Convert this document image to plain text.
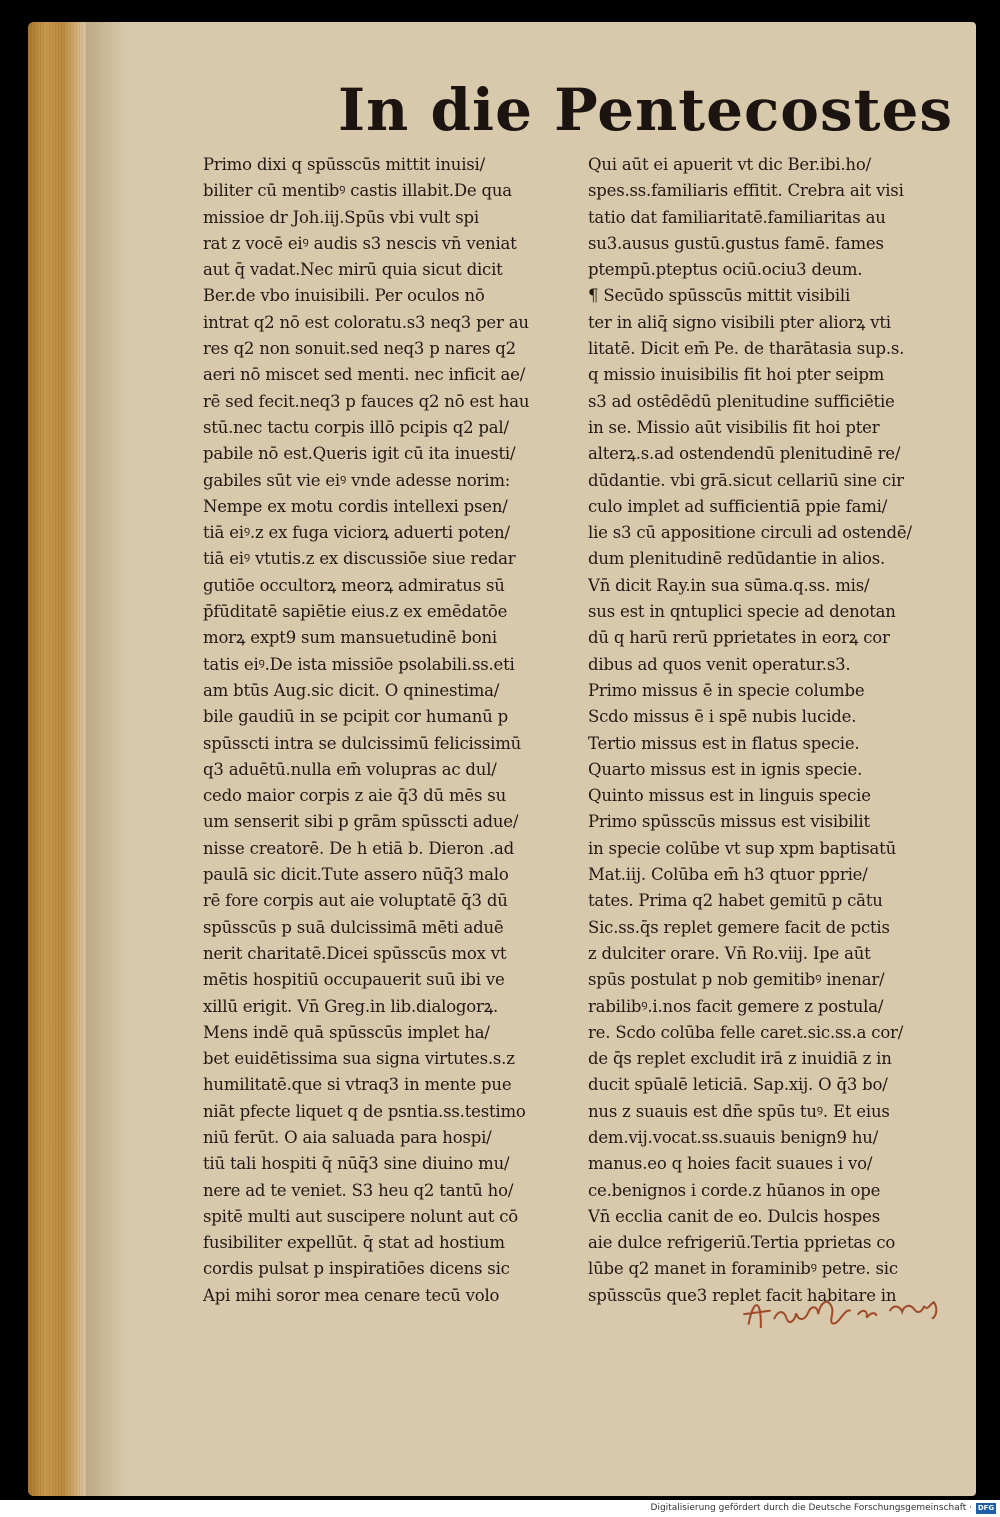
In die Pentecostes
Primo dixi q spūsscūs mittit inuisi/
biliter cū mentibꝰ castis illabit.De qua
missioe dr Joh.iij.Spūs vbi vult spi
rat z vocē eiꝰ audis s3 nescis vn̄ veniat
aut q̄ vadat.Nec mirū quia sicut dicit
Ber.de vbo inuisibili. Per oculos nō
intrat q2 nō est coloratu.s3 neq3 per au
res q2 non sonuit.sed neq3 p nares q2
aeri nō miscet sed menti. nec inficit ae/
rē sed fecit.neq3 p fauces q2 nō est hau
stū.nec tactu corpis illō pcipis q2 pal/
pabile nō est.Queris igit cū ita inuesti/
gabiles sūt vie eiꝰ vnde adesse norim:
Nempe ex motu cordis intellexi psen/
tiā eiꝰ.z ex fuga viciorꝝ aduerti poten/
tiā eiꝰ vtutis.z ex discussiōe siue redar
gutiōe occultorꝝ meorꝝ admiratus sū
p̄fūditatē sapiētie eius.z ex emēdatōe
morꝝ expt9 sum mansuetudinē boni
tatis eiꝰ.De ista missiōe psolabili.ss.eti
am btūs Aug.sic dicit. O qninestima/
bile gaudiū in se pcipit cor humanū p
spūsscti intra se dulcissimū felicissimū
q3 aduētū.nulla em̄ volupras ac dul/
cedo maior corpis z aie q̄3 dū mēs su
um senserit sibi p grām spūsscti adue/
nisse creatorē. De h etiā b. Dieron .ad
paulā sic dicit.Tute assero nūq̄3 malo
rē fore corpis aut aie voluptatē q̄3 dū
spūsscūs p suā dulcissimā mēti aduē
nerit charitatē.Dicei spūsscūs mox vt
mētis hospitiū occupauerit suū ibi ve
xillū erigit. Vn̄ Greg.in lib.dialogorꝝ.
Mens indē quā spūsscūs implet ha/
bet euidētissima sua signa virtutes.s.z
humilitatē.que si vtraq3 in mente pue
niāt pfecte liquet q de psntia.ss.testimo
niū ferūt. O aia saluada para hospi/
tiū tali hospiti q̄ nūq̄3 sine diuino mu/
nere ad te veniet. S3 heu q2 tantū ho/
spitē multi aut suscipere nolunt aut cō
fusibiliter expellūt. q̄ stat ad hostium
cordis pulsat p inspiratiōes dicens sic
Api mihi soror mea cenare tecū volo
Qui aūt ei apuerit vt dic Ber.ibi.ho/
spes.ss.familiaris effitit. Crebra ait visi
tatio dat familiaritatē.familiaritas au
su3.ausus gustū.gustus famē. fames
ptempū.pteptus ociū.ociu3 deum.
¶ Secūdo spūsscūs mittit visibili
ter in aliq̄ signo visibili pter aliorꝝ vti
litatē. Dicit em̄ Pe. de tharātasia sup.s.
q missio inuisibilis fit hoi pter seipm
s3 ad ostēdēdū plenitudine sufficiētie
in se. Missio aūt visibilis fit hoi pter
alterꝝ.s.ad ostendendū plenitudinē re/
dūdantie. vbi grā.sicut cellariū sine cir
culo implet ad sufficientiā ppie fami/
lie s3 cū appositione circuli ad ostendē/
dum plenitudinē redūdantie in alios.
Vn̄ dicit Ray.in sua sūma.q.ss. mis/
sus est in qntuplici specie ad denotan
dū q harū rerū pprietates in eorꝝ cor
dibus ad quos venit operatur.s3.
Primo missus ē in specie columbe
Scdo missus ē i spē nubis lucide.
Tertio missus est in flatus specie.
Quarto missus est in ignis specie.
Quinto missus est in linguis specie
Primo spūsscūs missus est visibilit
in specie colūbe vt sup xpm baptisatū
Mat.iij. Colūba em̄ h3 qtuor pprie/
tates. Prima q2 habet gemitū p cātu
Sic.ss.q̄s replet gemere facit de pctis
z dulciter orare. Vn̄ Ro.viij. Ipe aūt
spūs postulat p nob gemitibꝰ inenar/
rabilibꝰ.i.nos facit gemere z postula/
re. Scdo colūba felle caret.sic.ss.a cor/
de q̄s replet excludit irā z inuidiā z in
ducit spūalē leticiā. Sap.xij. O q̄3 bo/
nus z suauis est dn̄e spūs tuꝰ. Et eius
dem.vij.vocat.ss.suauis benign9 hu/
manus.eo q hoies facit suaues i vo/
ce.benignos i corde.z hūanos in ope
Vn̄ ecclia canit de eo. Dulcis hospes
aie dulce refrigeriū.Tertia pprietas co
lūbe q2 manet in foraminibꝰ petre. sic
spūsscūs que3 replet facit habitare in
Digitalisierung gefördert durch die Deutsche Forschungsgemeinschaft · DFG
